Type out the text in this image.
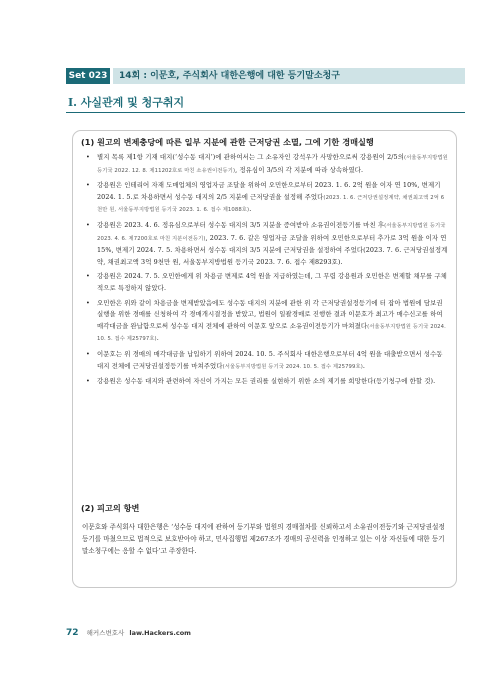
Set 023	14회 : 이문호, 주식회사 대한은행에 대한 등기말소청구
I. 사실관계 및 청구취지
(1) 원고의 변제충당에 따른 일부 지분에 관한 근저당권 소멸, 그에 기한 경매실행
• 별지 목록 제1항 기재 대지(‘성수동 대지’)에 관하여서는 그 소유자인 강석우가 사망한으로써 강용원이 2/5의(서울동부지방법원 등기국 2022. 12. 8. 제11202호로 마친 소유권이전등기), 정유심이 3/5의 각 지분에 따라 상속하였다.
• 강용원은 인테리어 자재 도매업체의 영업자금 조달을 위하여 오민한으로부터 2023. 1. 6. 2억 원을 이자 연 10%, 변제기 2024. 1. 5.로 차용하면서 성수동 대지의 2/5 지분에 근저당권을 설정해 주었다(2023. 1. 6. 근저당권설정계약, 채권최고액 2억 6천만 원, 서울동부지방법원 등기국 2023. 1. 6. 접수 제1088호).
• 강용원은 2023. 4. 6. 정유심으로부터 성수동 대지의 3/5 지분을 증여받아 소유권이전등기를 마친 후(서울동부지방법원 등기국 2023. 4. 6. 제7200호로 마친 지분이전등기), 2023. 7. 6. 같은 영업자금 조달을 위하여 오민한으로부터 추가로 3억 원을 이자 연 15%, 변제기 2024. 7. 5. 차용하면서 성수동 대지의 3/5 지분에 근저당권을 설정하여 주었다(2023. 7. 6. 근저당권설정계약, 채권최고액 3억 9천만 원, 서울동부지방법원 등기국 2023. 7. 6. 접수 제8293호).
• 강용원은 2024. 7. 5. 오민한에게 위 차용금 변제로 4억 원을 지급하였는데, 그 무렵 강용원과 오민한은 변제할 채무를 구체적으로 특정하지 않았다.
• 오민한은 위와 같이 차용금을 변제받았음에도 성수동 대지의 지분에 관한 위 각 근저당권설정등기에 터 잡아 법원에 담보권실행을 위한 경매를 신청하여 각 경매개시결정을 받았고, 법원이 일괄경매로 진행한 결과 이문호가 최고가 매수신고를 하여 매각대금을 완납함으로써 성수동 대지 전체에 관하여 이문호 앞으로 소유권이전등기가 마쳐졌다(서울동부지방법원 등기국 2024. 10. 5. 접수 제25797호).
• 이문호는 위 경매의 매각대금을 납입하기 위하여 2024. 10. 5. 주식회사 대한은행으로부터 4억 원을 대출받으면서 성수동 대지 전체에 근저당권설정등기를 마쳐주었다(서울동부지방법원 등기국 2024. 10. 5. 접수 제25799호).
• 강용원은 성수동 대지와 관련하여 자신이 가지는 모든 권리를 실현하기 위한 소의 제기를 희망한다(등기청구에 한할 것).
(2) 피고의 항변

이문호와 주식회사 대한은행은 ‘성수동 대지에 관하여 등기부와 법원의 경매절차를 신뢰하고서 소유권이전등기와 근저당권설정등기를 마쳤으므로 법적으로 보호받아야 하고, 민사집행법 제267조가 경매의 공신력을 인정하고 있는 이상 자신들에 대한 등기말소청구에는 응할 수 없다’고 주장한다.

72 해커스변호사 law.Hackers.com
